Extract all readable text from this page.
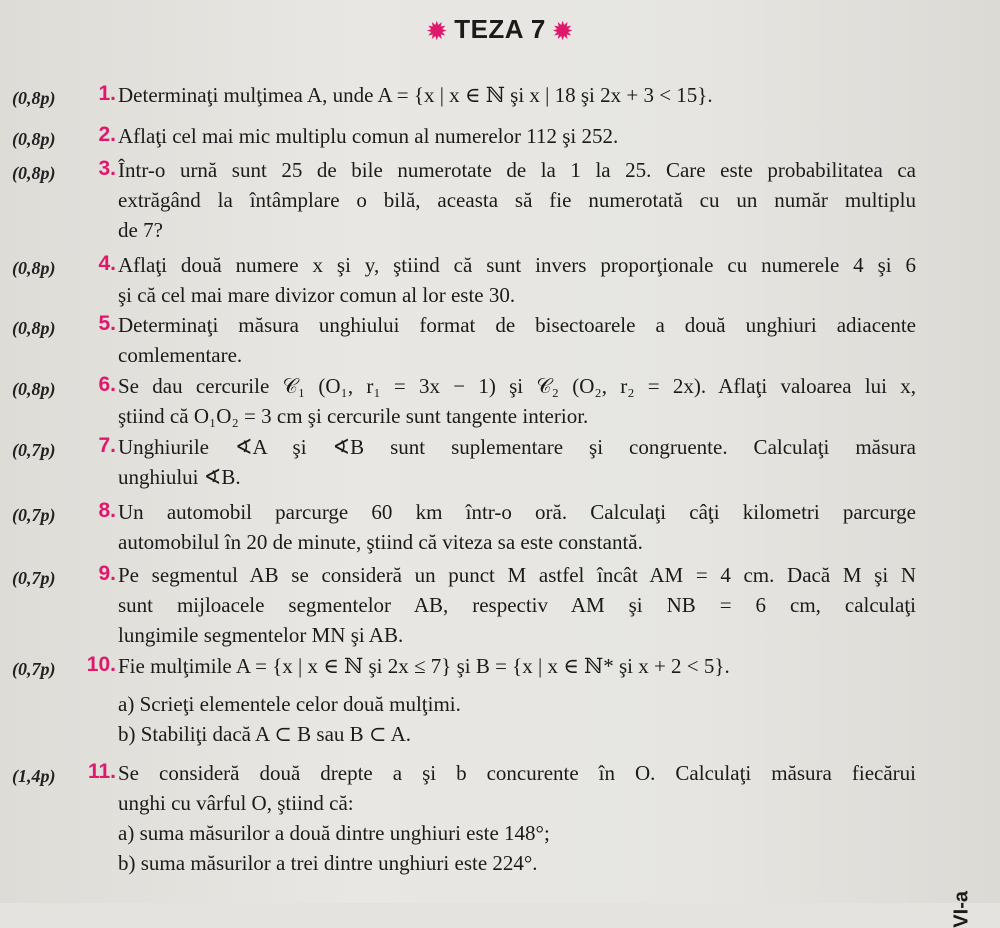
✹ TEZA 7 ✹
(0,8p)	1. Determinaţi mulţimea A, unde A = {x | x ∈ ℕ şi x | 18 şi 2x + 3 < 15}.
(0,8p)	2. Aflaţi cel mai mic multiplu comun al numerelor 112 şi 252.
(0,8p)	3. Într-o urnă sunt 25 de bile numerotate de la 1 la 25. Care este probabilitatea ca
extrăgând la întâmplare o bilă, aceasta să fie numerotată cu un număr multiplu
de 7?
(0,8p)	4. Aflaţi două numere x şi y, ştiind că sunt invers proporţionale cu numerele 4 şi 6
şi că cel mai mare divizor comun al lor este 30.
(0,8p)	5. Determinaţi măsura unghiului format de bisectoarele a două unghiuri adiacente
comlementare.
(0,8p)	6. Se dau cercurile 𝒞₁ (O₁, r₁ = 3x − 1) şi 𝒞₂ (O₂, r₂ = 2x). Aflaţi valoarea lui x,
ştiind că O₁O₂ = 3 cm şi cercurile sunt tangente interior.
(0,7p)	7. Unghiurile ∢A şi ∢B sunt suplementare şi congruente. Calculaţi măsura
unghiului ∢B.
(0,7p)	8. Un automobil parcurge 60 km într-o oră. Calculaţi câţi kilometri parcurge
automobilul în 20 de minute, ştiind că viteza sa este constantă.
(0,7p)	9. Pe segmentul AB se consideră un punct M astfel încât AM = 4 cm. Dacă M şi N
sunt mijloacele segmentelor AB, respectiv AM şi NB = 6 cm, calculaţi
lungimile segmentelor MN şi AB.
(0,7p)	10. Fie mulţimile A = {x | x ∈ ℕ şi 2x ≤ 7} şi B = {x | x ∈ ℕ* şi x + 2 < 5}.
a) Scrieţi elementele celor două mulţimi.
b) Stabiliţi dacă A ⊂ B sau B ⊂ A.
(1,4p)	11. Se consideră două drepte a şi b concurente în O. Calculaţi măsura fiecărui
unghi cu vârful O, ştiind că:
a) suma măsurilor a două dintre unghiuri este 148°;
b) suma măsurilor a trei dintre unghiuri este 224°.
VI-a
